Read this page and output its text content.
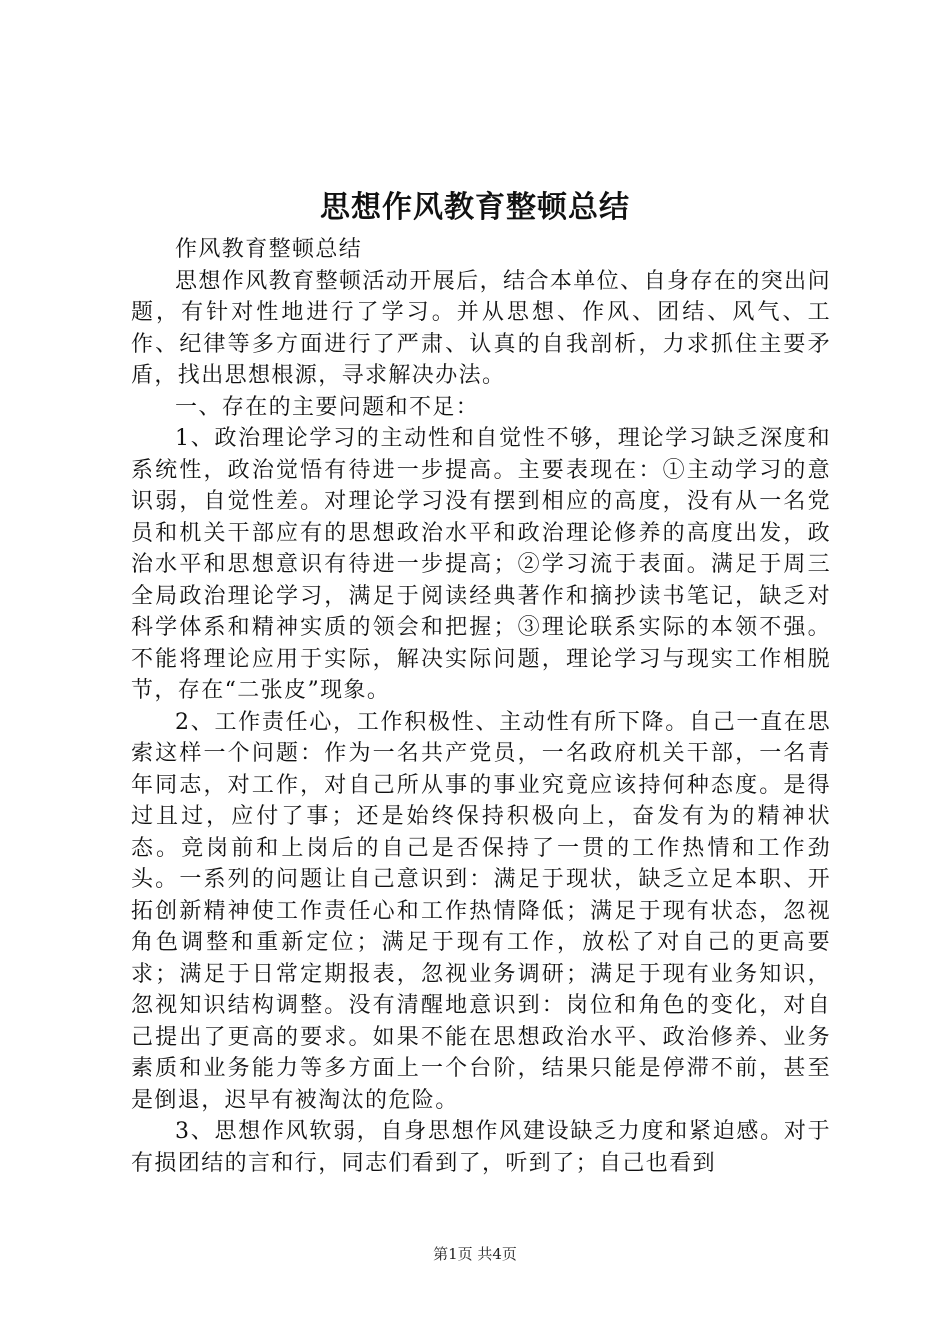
思想作风教育整顿总结

作风教育整顿总结

思想作风教育整顿活动开展后，结合本单位、自身存在的突出问题，有针对性地进行了学习。并从思想、作风、团结、风气、工作、纪律等多方面进行了严肃、认真的自我剖析，力求抓住主要矛盾，找出思想根源，寻求解决办法。

一、存在的主要问题和不足：

1、政治理论学习的主动性和自觉性不够，理论学习缺乏深度和系统性，政治觉悟有待进一步提高。主要表现在：①主动学习的意识弱，自觉性差。对理论学习没有摆到相应的高度，没有从一名党员和机关干部应有的思想政治水平和政治理论修养的高度出发，政治水平和思想意识有待进一步提高；②学习流于表面。满足于周三全局政治理论学习，满足于阅读经典著作和摘抄读书笔记，缺乏对科学体系和精神实质的领会和把握；③理论联系实际的本领不强。不能将理论应用于实际，解决实际问题，理论学习与现实工作相脱节，存在“二张皮”现象。

2、工作责任心，工作积极性、主动性有所下降。自己一直在思索这样一个问题：作为一名共产党员，一名政府机关干部，一名青年同志，对工作，对自己所从事的事业究竟应该持何种态度。是得过且过，应付了事；还是始终保持积极向上，奋发有为的精神状态。竞岗前和上岗后的自己是否保持了一贯的工作热情和工作劲头。一系列的问题让自己意识到：满足于现状，缺乏立足本职、开拓创新精神使工作责任心和工作热情降低；满足于现有状态，忽视角色调整和重新定位；满足于现有工作，放松了对自己的更高要求；满足于日常定期报表，忽视业务调研；满足于现有业务知识，忽视知识结构调整。没有清醒地意识到：岗位和角色的变化，对自己提出了更高的要求。如果不能在思想政治水平、政治修养、业务素质和业务能力等多方面上一个台阶，结果只能是停滞不前，甚至是倒退，迟早有被淘汰的危险。

3、思想作风软弱，自身思想作风建设缺乏力度和紧迫感。对于有损团结的言和行，同志们看到了，听到了；自己也看到

第1页 共4页
